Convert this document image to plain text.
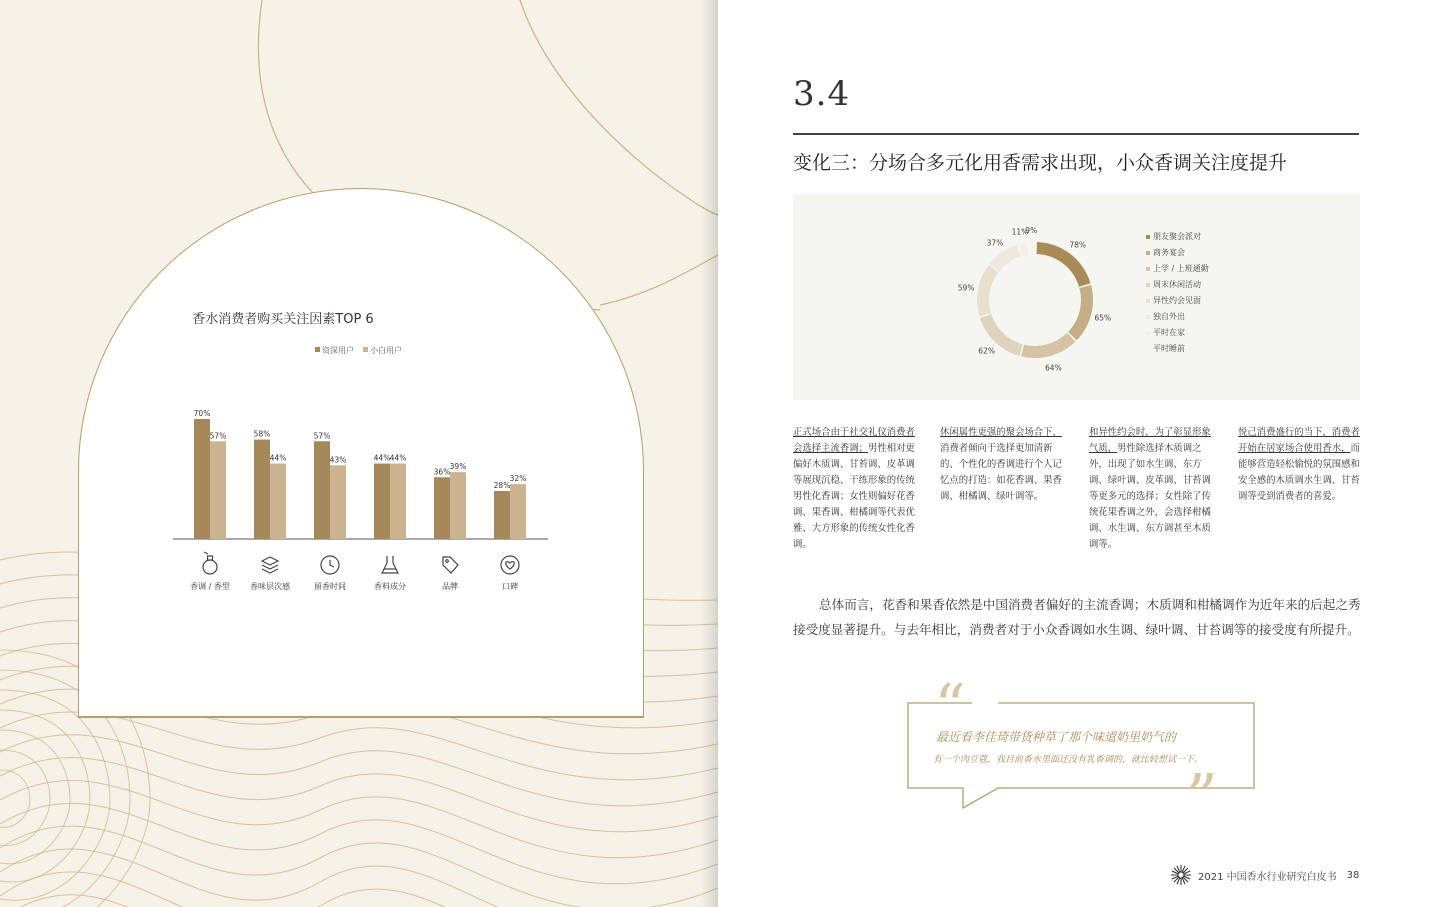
香水消费者购买关注因素TOP 6
资深用户 小白用户
70%
57%
香调 / 香型
58%
44%
香味层次感
57%
43%
留香时间
44% 44%
香料成分
36%
39%
品牌
28%
32%
口碑
3.4
变化三：分场合多元化用香需求出现，小众香调关注度提升
78%
65%
64%
62%
59%
37%
11%
9%
朋友聚会派对
商务宴会
上学 / 上班通勤
周末休闲活动
异性约会见面
独自外出
平时在家
平时睡前
正式场合由于社交礼仪消费者会选择主流香调；男性相对更偏好木质调、甘苔调、皮革调等展现沉稳、干练形象的传统男性化香调；女性则偏好花香调、果香调、柑橘调等代表优雅、大方形象的传统女性化香调。
休闲属性更强的聚会场合下，消费者倾向于选择更加清新的、个性化的香调进行个人记忆点的打造：如花香调、果香调、柑橘调、绿叶调等。
和异性约会时，为了彰显形象气质，男性除选择木质调之外，出现了如水生调、东方调、绿叶调、皮革调、甘苔调等更多元的选择；女性除了传统花果香调之外，会选择柑橘调、水生调、东方调甚至木质调等。
悦己消费盛行的当下，消费者开始在居家场合使用香水，而能够营造轻松愉悦的氛围感和安全感的木质调水生调、甘苔调等受到消费者的喜爱。

总体而言，花香和果香依然是中国消费者偏好的主流香调；木质调和柑橘调作为近年来的后起之秀

接受度显著提升。与去年相比，消费者对于小众香调如水生调、绿叶调、甘苔调等的接受度有所提升。

“
”
最近看李佳琦带货种草了那个味道奶里奶气的
有一个肉豆蔻，我目前香水里面还没有乳香调的，就比较想试一下。
2021 中国香水行业研究白皮书 38
